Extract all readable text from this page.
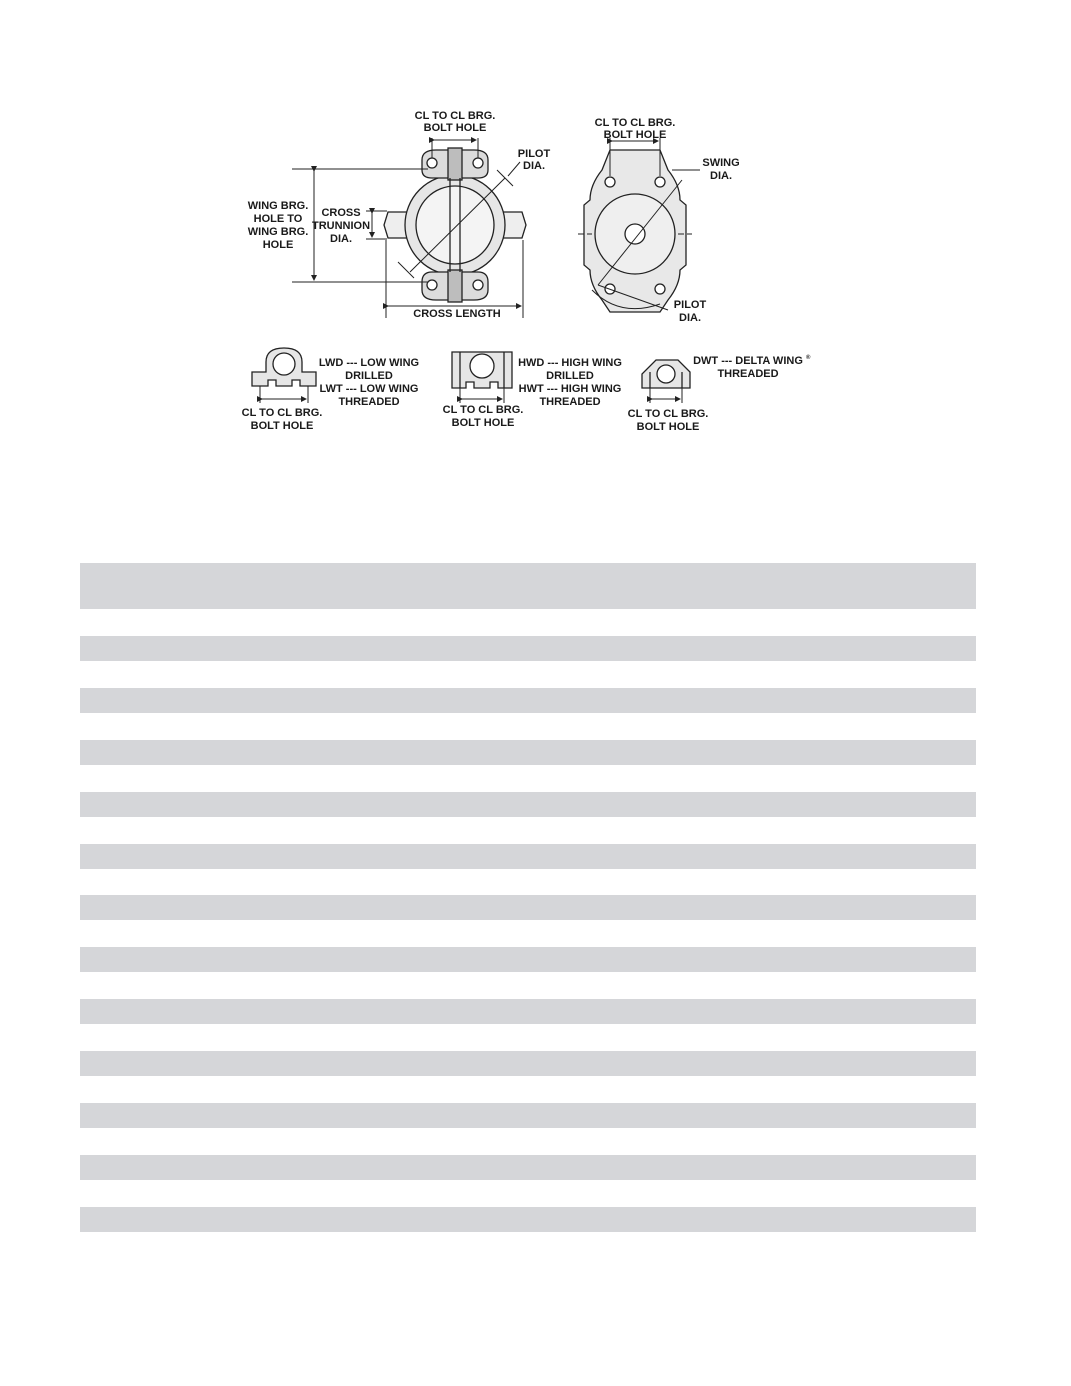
CL TO CL BRG.
BOLT HOLE
PILOT
DIA.
WING BRG.
HOLE TO
WING BRG.
HOLE
CROSS
TRUNNION
DIA.
CROSS LENGTH
CL TO CL BRG.
BOLT HOLE
SWING
DIA.
PILOT
DIA.
LWD --- LOW WING
DRILLED
LWT --- LOW WING
THREADED
CL TO CL BRG.
BOLT HOLE
HWD --- HIGH WING
DRILLED
HWT --- HIGH WING
THREADED
CL TO CL BRG.
BOLT HOLE
DWT --- DELTA WING ®
THREADED
CL TO CL BRG.
BOLT HOLE
